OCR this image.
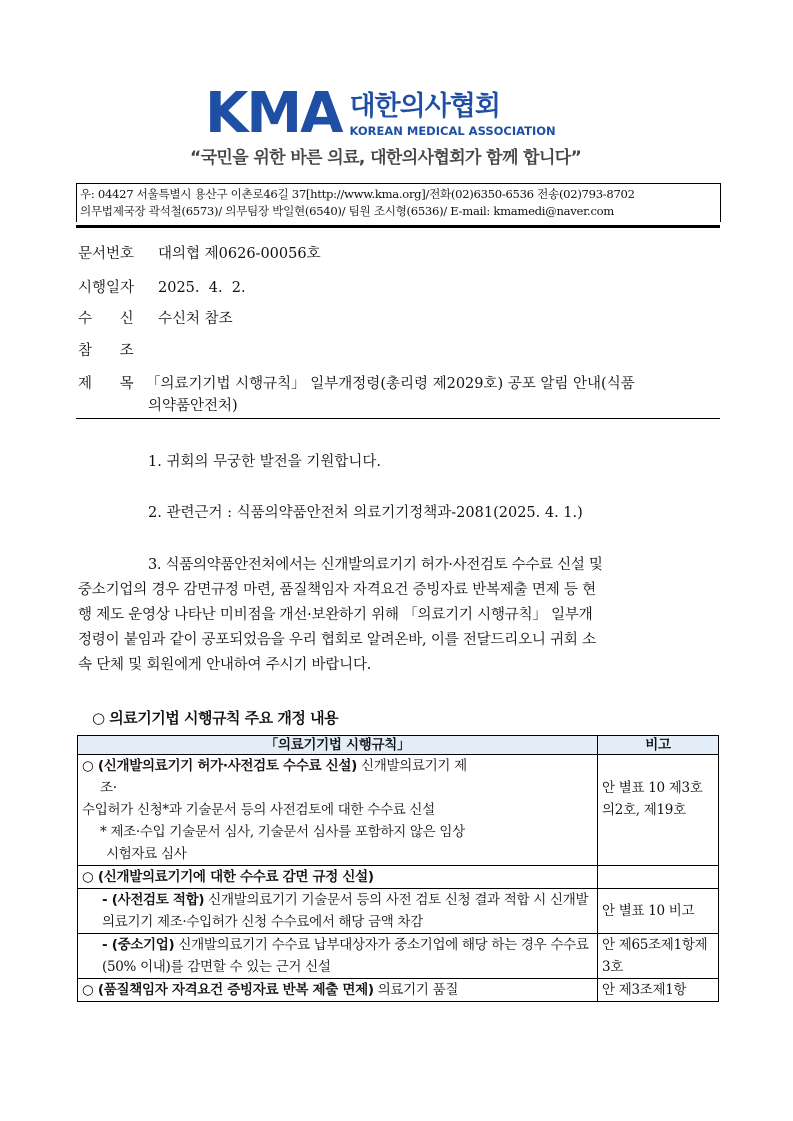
KMA 대한의사협회
KOREAN MEDICAL ASSOCIATION
“국민을 위한 바른 의료, 대한의사협회가 함께 합니다”
우: 04427 서울특별시 용산구 이촌로46길 37[http://www.kma.org]/전화(02)6350-6536 전송(02)793-8702
의무법제국장 곽석철(6573)/ 의무팀장 박일현(6540)/ 팀원 조시형(6536)/ E-mail: kmamedi@naver.com
문서번호 대의협 제0626-00056호
시행일자 2025.  4.  2.
수      신 수신처 참조
참      조
제      목 「의료기기법 시행규칙」 일부개정령(총리령 제2029호) 공포 알림 안내(식품
의약품안전처)
1. 귀회의 무궁한 발전을 기원합니다.
2. 관련근거 : 식품의약품안전처 의료기기정책과-2081(2025. 4. 1.)
3. 식품의약품안전처에서는 신개발의료기기 허가·사전검토 수수료 신설 및
중소기업의 경우 감면규정 마련, 품질책임자 자격요건 증빙자료 반복제출 면제 등 현
행 제도 운영상 나타난 미비점을 개선·보완하기 위해 「의료기기 시행규칙」 일부개
정령이 붙임과 같이 공포되었음을 우리 협회로 알려온바, 이를 전달드리오니 귀회 소
속 단체 및 회원에게 안내하여 주시기 바랍니다.
○ 의료기기법 시행규칙 주요 개정 내용
「의료기기법 시행규칙」	비고

○ (신개발의료기기 허가·사전검토 수수료 신설) 신개발의료기기 제
조·
수입허가 신청*과 기술문서 등의 사전검토에 대한 수수료 신설
* 제조·수입 기술문서 심사, 기술문서 심사를 포함하지 않은 임상
시험자료 심사	안 별표 10 제3호의2호, 제19호
○ (신개발의료기기에 대한 수수료 감면 규정 신설)	
- (사전검토 적합) 신개발의료기기 기술문서 등의 사전 검토 신청 결과 적합 시 신개발의료기기 제조·수입허가 신청 수수료에서 해당 금액 차감	안 별표 10 비고
- (중소기업) 신개발의료기기 수수료 납부대상자가 중소기업에 해당 하는 경우 수수료(50% 이내)를 감면할 수 있는 근거 신설	안 제65조제1항제3호
○ (품질책임자 자격요건 증빙자료 반복 제출 면제) 의료기기 품질	안 제3조제1항
